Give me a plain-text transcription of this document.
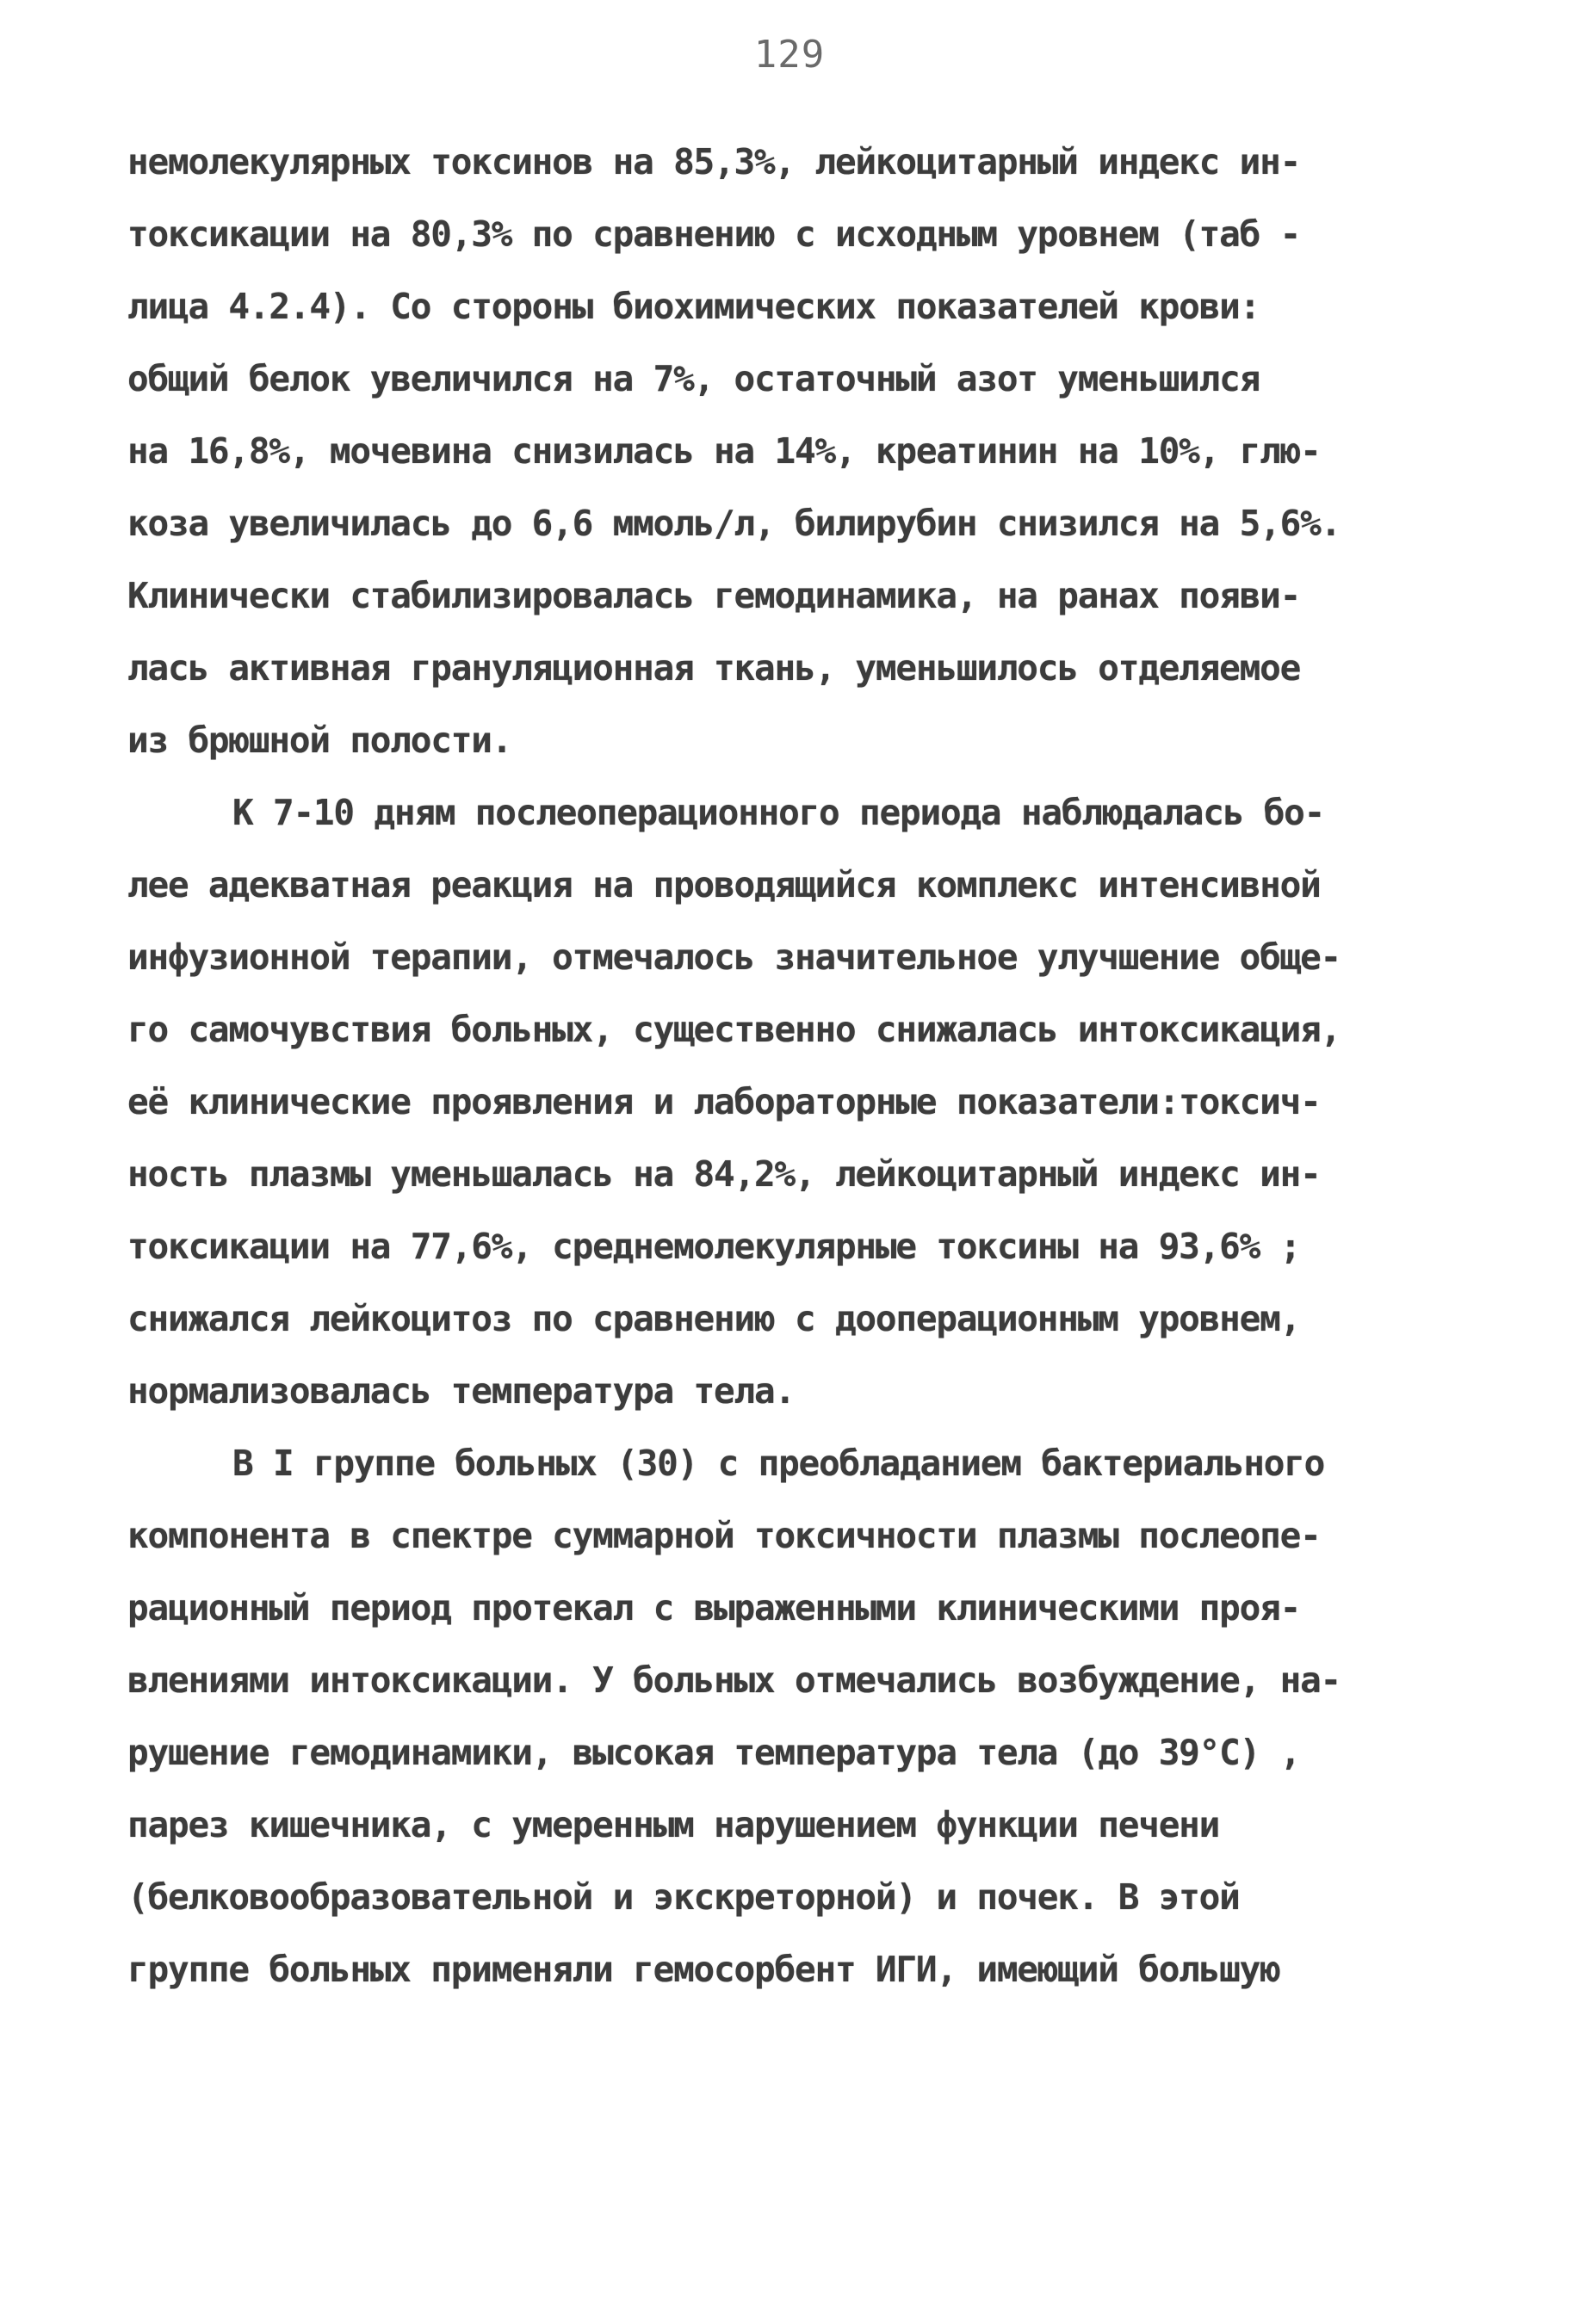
129
немолекулярных токсинов на 85,3%, лейкоцитарный индекс ин-
токсикации на 80,3% по сравнению с исходным уровнем (таб -
лица 4.2.4). Со стороны биохимических показателей крови:
общий белок увеличился на 7%, остаточный азот уменьшился
на 16,8%, мочевина снизилась на 14%, креатинин на 10%, глю-
коза увеличилась до 6,6 ммоль/л, билирубин снизился на 5,6%.
Клинически стабилизировалась гемодинамика, на ранах появи-
лась активная грануляционная ткань, уменьшилось отделяемое
из брюшной полости.
К 7-10 дням послеоперационного периода наблюдалась бо-
лее адекватная реакция на проводящийся комплекс интенсивной
инфузионной терапии, отмечалось значительное улучшение обще-
го самочувствия больных, существенно снижалась интоксикация,
её клинические проявления и лабораторные показатели:токсич-
ность плазмы уменьшалась на 84,2%, лейкоцитарный индекс ин-
токсикации на 77,6%, среднемолекулярные токсины на 93,6% ;
снижался лейкоцитоз по сравнению с дооперационным уровнем,
нормализовалась температура тела.
В I группе больных (30) с преобладанием бактериального
компонента в спектре суммарной токсичности плазмы послеопе-
рационный период протекал с выраженными клиническими проя-
влениями интоксикации. У больных отмечались возбуждение, на-
рушение гемодинамики, высокая температура тела (до 39°С) ,
парез кишечника, с умеренным нарушением функции печени
(белковообразовательной и экскреторной) и почек. В этой
группе больных применяли гемосорбент ИГИ, имеющий большую
